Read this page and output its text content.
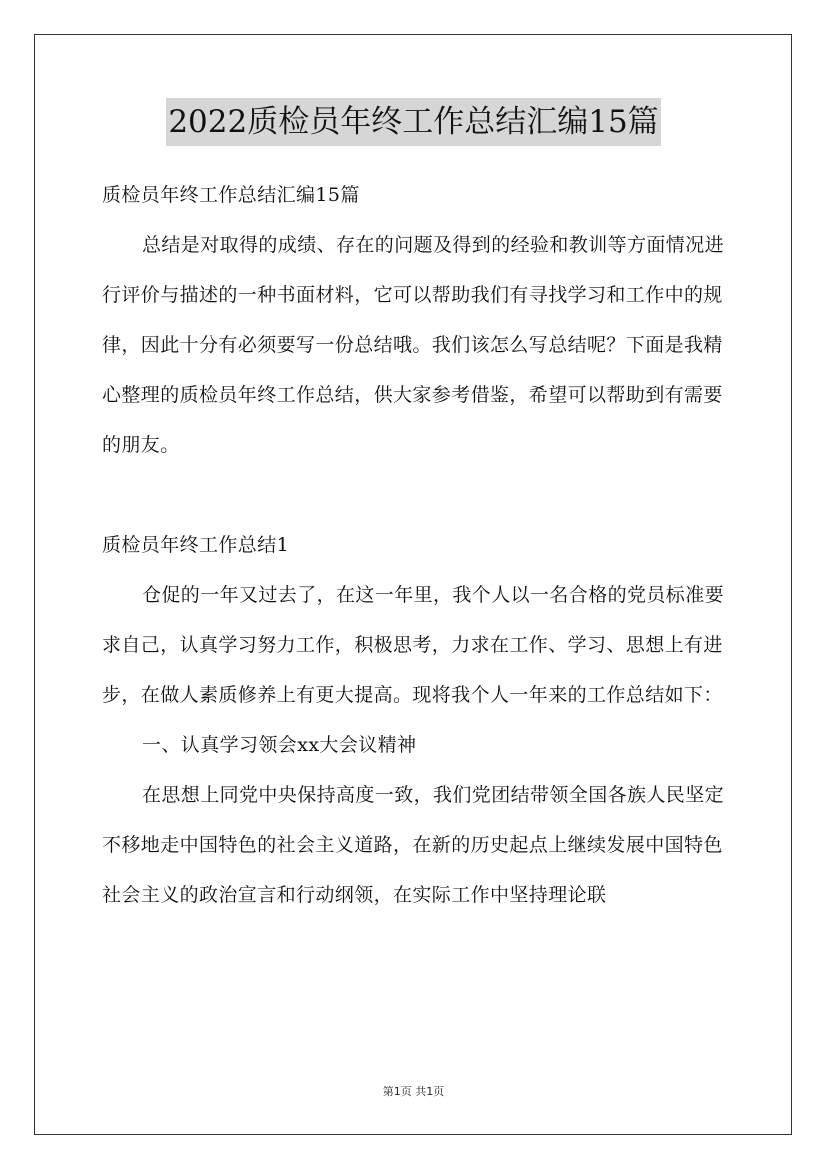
2022质检员年终工作总结汇编15篇

质检员年终工作总结汇编15篇

总结是对取得的成绩、存在的问题及得到的经验和教训等方面情况进行评价与描述的一种书面材料，它可以帮助我们有寻找学习和工作中的规律，因此十分有必须要写一份总结哦。我们该怎么写总结呢？下面是我精心整理的质检员年终工作总结，供大家参考借鉴，希望可以帮助到有需要的朋友。

质检员年终工作总结1

仓促的一年又过去了，在这一年里，我个人以一名合格的党员标准要求自己，认真学习努力工作，积极思考，力求在工作、学习、思想上有进步，在做人素质修养上有更大提高。现将我个人一年来的工作总结如下：

一、认真学习领会xx大会议精神

在思想上同党中央保持高度一致，我们党团结带领全国各族人民坚定不移地走中国特色的社会主义道路，在新的历史起点上继续发展中国特色社会主义的政治宣言和行动纲领，在实际工作中坚持理论联

第1页 共1页
